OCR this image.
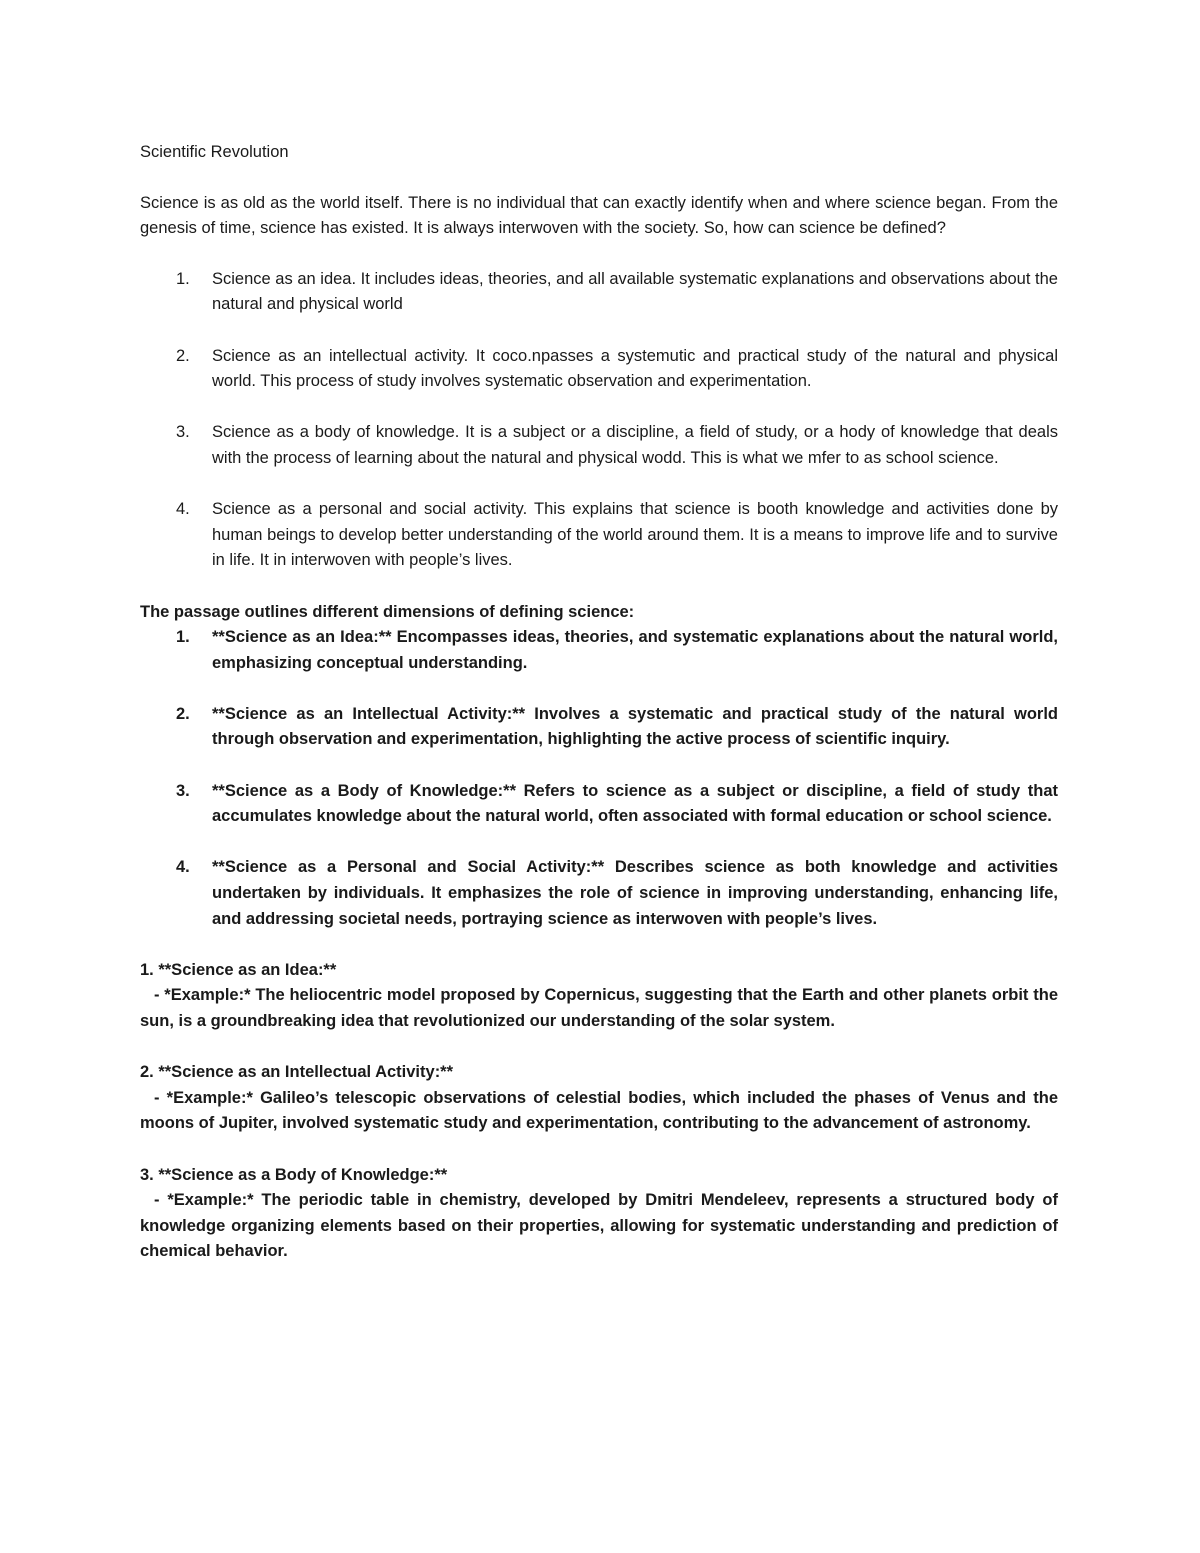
Scientific Revolution

Science is as old as the world itself. There is no individual that can exactly identify when and where science began. From the genesis of time, science has existed. It is always interwoven with the society. So, how can science be defined?

1. Science as an idea. It includes ideas, theories, and all available systematic explanations and observations about the natural and physical world
2. Science as an intellectual activity. It coco.npasses a systemutic and practical study of the natural and physical world. This process of study involves systematic observation and experimentation.
3. Science as a body of knowledge. It is a subject or a discipline, a field of study, or a hody of knowledge that deals with the process of learning about the natural and physical wodd. This is what we mfer to as school science.
4. Science as a personal and social activity. This explains that science is booth knowledge and activities done by human beings to develop better understanding of the world around them. It is a means to improve life and to survive in life. It in interwoven with people’s lives.
The passage outlines different dimensions of defining science:
1. **Science as an Idea:** Encompasses ideas, theories, and systematic explanations about the natural world, emphasizing conceptual understanding.
2. **Science as an Intellectual Activity:** Involves a systematic and practical study of the natural world through observation and experimentation, highlighting the active process of scientific inquiry.
3. **Science as a Body of Knowledge:** Refers to science as a subject or discipline, a field of study that accumulates knowledge about the natural world, often associated with formal education or school science.
4. **Science as a Personal and Social Activity:** Describes science as both knowledge and activities undertaken by individuals. It emphasizes the role of science in improving understanding, enhancing life, and addressing societal needs, portraying science as interwoven with people’s lives.
1. **Science as an Idea:**
- *Example:* The heliocentric model proposed by Copernicus, suggesting that the Earth and other planets orbit the sun, is a groundbreaking idea that revolutionized our understanding of the solar system.
2. **Science as an Intellectual Activity:**
- *Example:* Galileo’s telescopic observations of celestial bodies, which included the phases of Venus and the moons of Jupiter, involved systematic study and experimentation, contributing to the advancement of astronomy.
3. **Science as a Body of Knowledge:**
- *Example:* The periodic table in chemistry, developed by Dmitri Mendeleev, represents a structured body of knowledge organizing elements based on their properties, allowing for systematic understanding and prediction of chemical behavior.
